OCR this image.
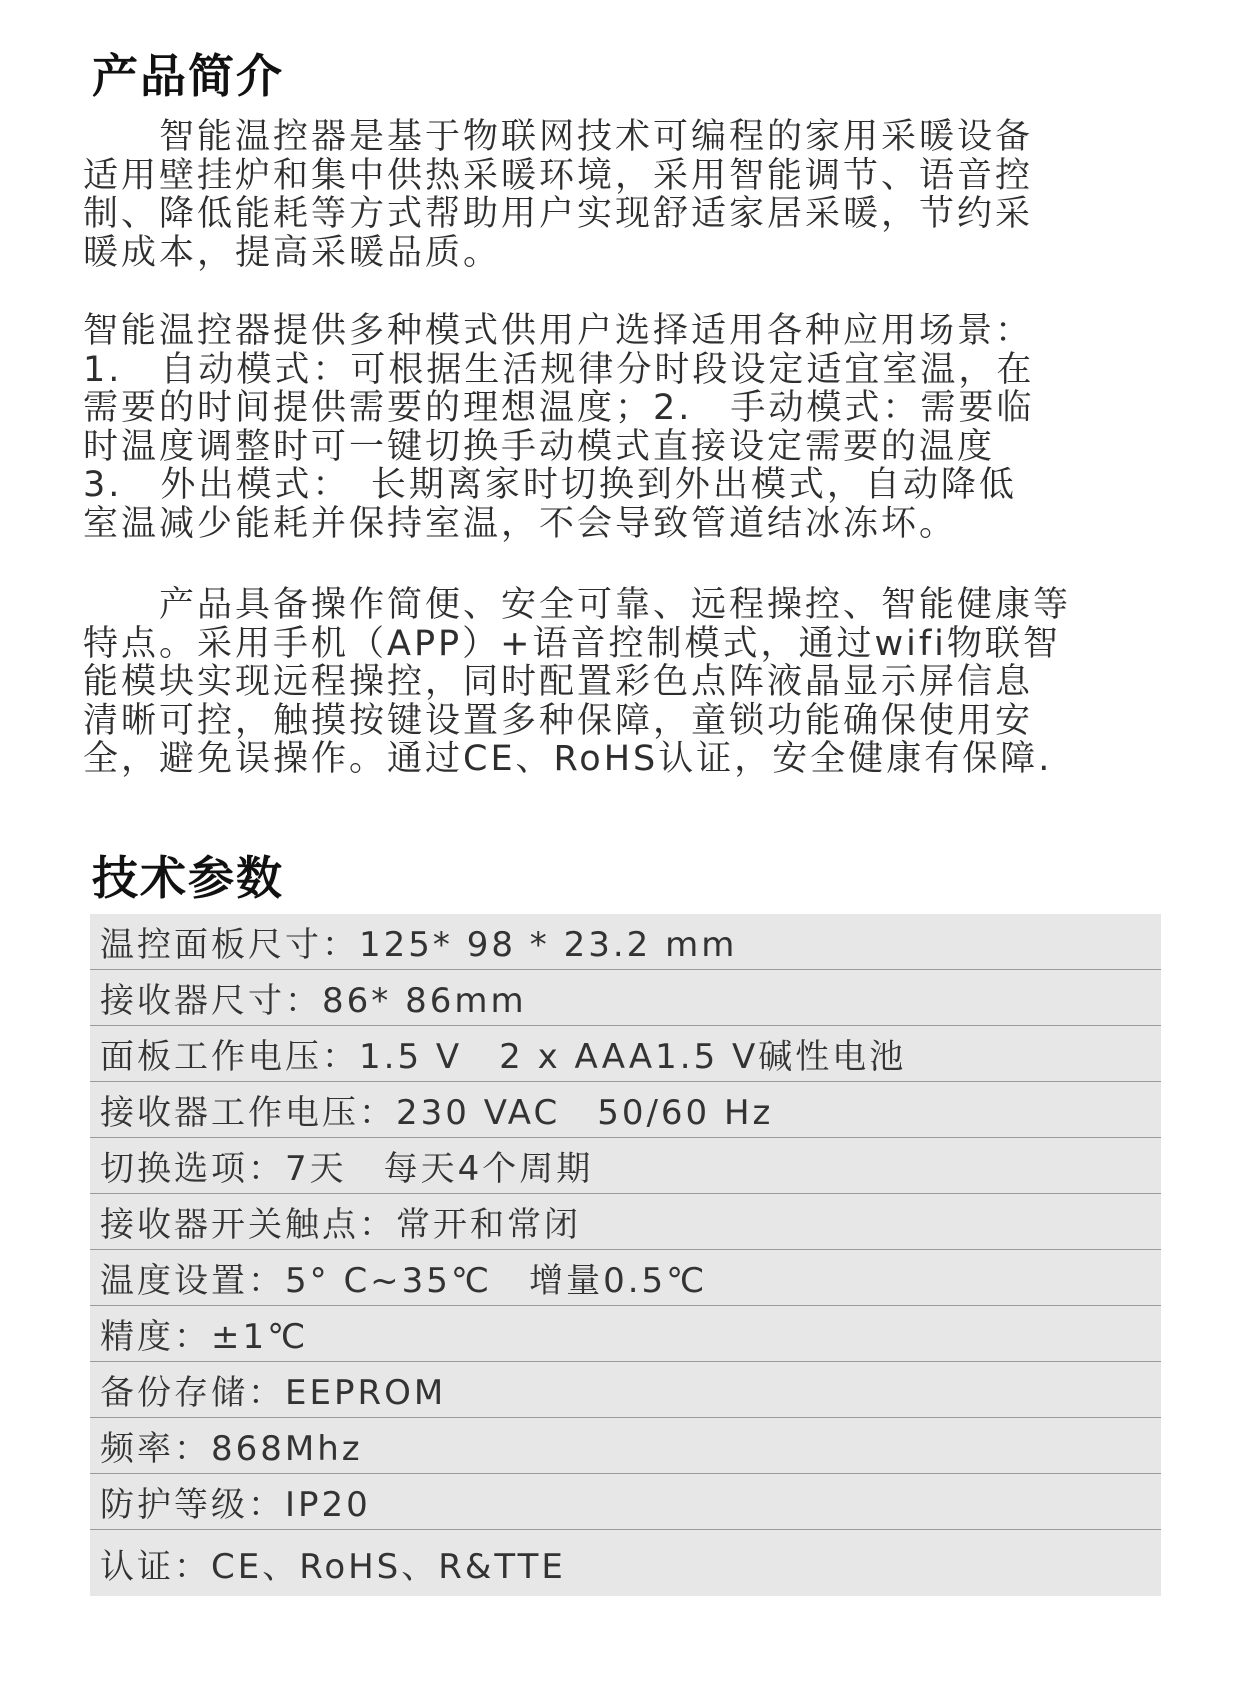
产品简介

　　智能温控器是基于物联网技术可编程的家用采暖设备
适用壁挂炉和集中供热采暖环境，采用智能调节、语音控
制、降低能耗等方式帮助用户实现舒适家居采暖，节约采
暖成本，提高采暖品质。

智能温控器提供多种模式供用户选择适用各种应用场景：
1.　自动模式：可根据生活规律分时段设定适宜室温，在
需要的时间提供需要的理想温度；2.　手动模式：需要临
时温度调整时可一键切换手动模式直接设定需要的温度
3.　外出模式：　长期离家时切换到外出模式，自动降低
室温减少能耗并保持室温，不会导致管道结冰冻坏。

　　产品具备操作简便、安全可靠、远程操控、智能健康等
特点。采用手机（APP）+语音控制模式，通过wifi物联智
能模块实现远程操控，同时配置彩色点阵液晶显示屏信息
清晰可控，触摸按键设置多种保障，童锁功能确保使用安
全，避免误操作。通过CE、RoHS认证，安全健康有保障.

技术参数
温控面板尺寸：125* 98 * 23.2 mm
接收器尺寸：86* 86mm
面板工作电压：1.5 V　2 x AAA1.5 V碱性电池
接收器工作电压：230 VAC　50/60 Hz
切换选项：7天　每天4个周期
接收器开关触点：常开和常闭
温度设置：5° C~35℃　增量0.5℃
精度：±1℃
备份存储：EEPROM
频率：868Mhz
防护等级：IP20
认证：CE、RoHS、R&TTE
